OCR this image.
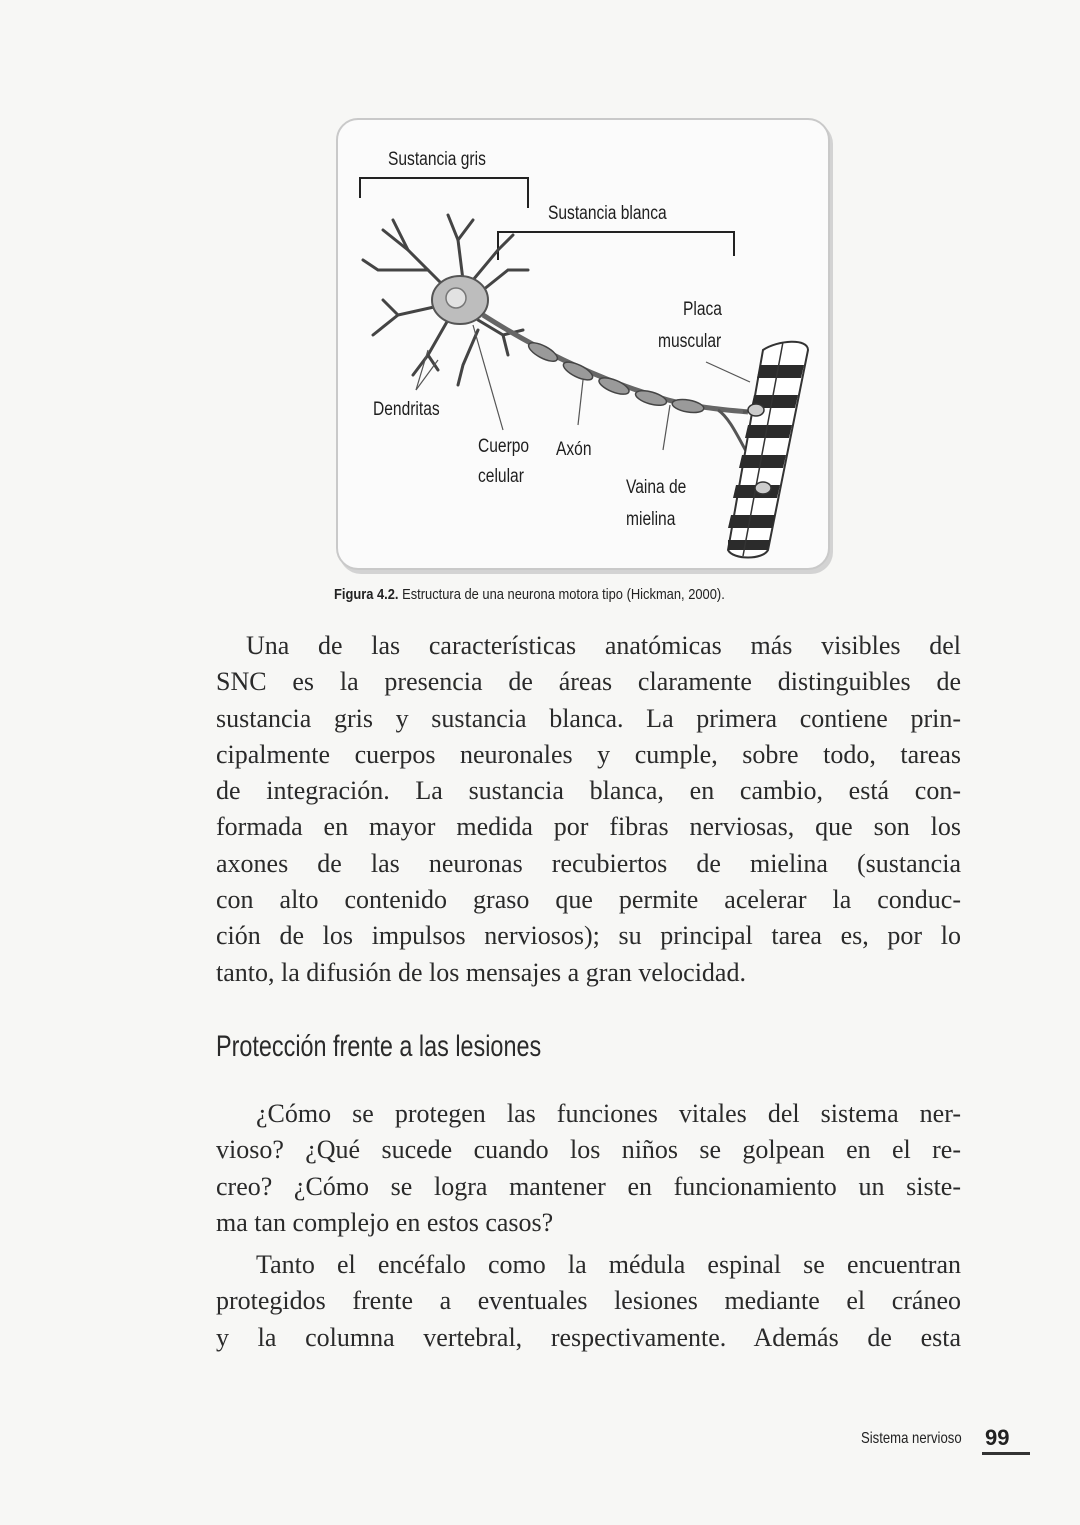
Sustancia gris
Sustancia blanca
Placa
muscular
Dendritas
Cuerpo
celular
Axón
Vaina de
mielina
Figura 4.2. Estructura de una neurona motora tipo (Hickman, 2000).
Una de las características anatómicas más visibles del
SNC es la presencia de áreas claramente distinguibles de
sustancia gris y sustancia blanca. La primera contiene prin-
cipalmente cuerpos neuronales y cumple, sobre todo, tareas
de integración. La sustancia blanca, en cambio, está con-
formada en mayor medida por fibras nerviosas, que son los
axones de las neuronas recubiertos de mielina (sustancia
con alto contenido graso que permite acelerar la conduc-
ción de los impulsos nerviosos); su principal tarea es, por lo
tanto, la difusión de los mensajes a gran velocidad.
Protección frente a las lesiones
¿Cómo se protegen las funciones vitales del sistema ner-
vioso? ¿Qué sucede cuando los niños se golpean en el re-
creo? ¿Cómo se logra mantener en funcionamiento un siste-
ma tan complejo en estos casos?
Tanto el encéfalo como la médula espinal se encuentran
protegidos frente a eventuales lesiones mediante el cráneo
y la columna vertebral, respectivamente. Además de esta
Sistema nervioso 99
